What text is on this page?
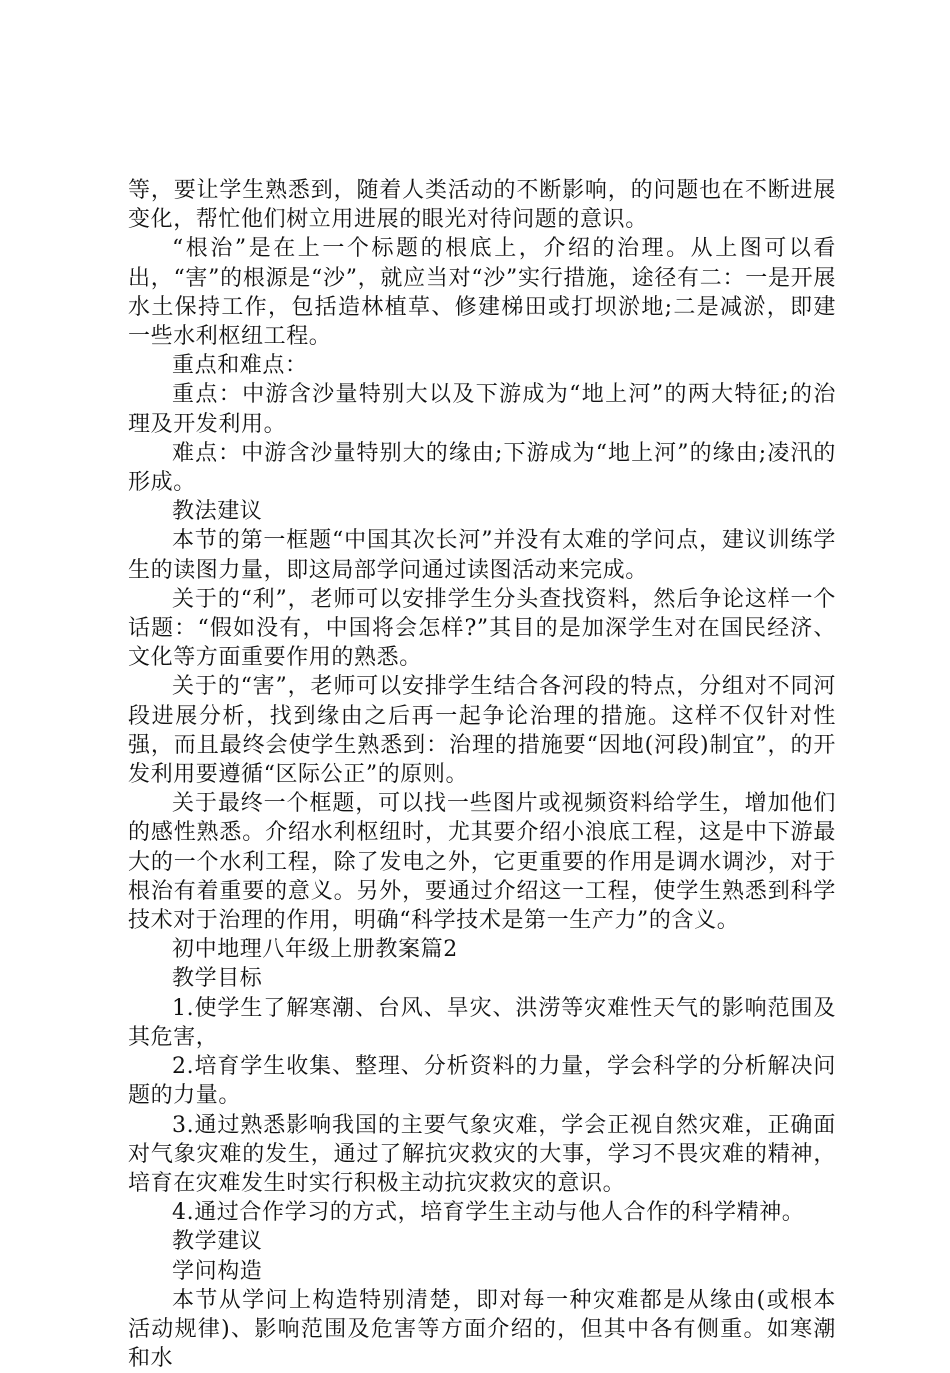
等，要让学生熟悉到，随着人类活动的不断影响，的问题也在不断进展变化，帮忙他们树立用进展的眼光对待问题的意识。

“根治”是在上一个标题的根底上，介绍的治理。从上图可以看出，“害”的根源是“沙”，就应当对“沙”实行措施，途径有二：一是开展水土保持工作，包括造林植草、修建梯田或打坝淤地;二是减淤，即建一些水利枢纽工程。

重点和难点：

重点：中游含沙量特别大以及下游成为“地上河”的两大特征;的治理及开发利用。

难点：中游含沙量特别大的缘由;下游成为“地上河”的缘由;凌汛的形成。

教法建议

本节的第一框题“中国其次长河”并没有太难的学问点，建议训练学生的读图力量，即这局部学问通过读图活动来完成。

关于的“利”，老师可以安排学生分头查找资料，然后争论这样一个话题：“假如没有，中国将会怎样?”其目的是加深学生对在国民经济、文化等方面重要作用的熟悉。

关于的“害”，老师可以安排学生结合各河段的特点，分组对不同河段进展分析，找到缘由之后再一起争论治理的措施。这样不仅针对性强，而且最终会使学生熟悉到：治理的措施要“因地(河段)制宜”，的开发利用要遵循“区际公正”的原则。

关于最终一个框题，可以找一些图片或视频资料给学生，增加他们的感性熟悉。介绍水利枢纽时，尤其要介绍小浪底工程，这是中下游最大的一个水利工程，除了发电之外，它更重要的作用是调水调沙，对于根治有着重要的意义。另外，要通过介绍这一工程，使学生熟悉到科学技术对于治理的作用，明确“科学技术是第一生产力”的含义。

初中地理八年级上册教案篇2

教学目标

1.使学生了解寒潮、台风、旱灾、洪涝等灾难性天气的影响范围及其危害，

2.培育学生收集、整理、分析资料的力量，学会科学的分析解决问题的力量。

3.通过熟悉影响我国的主要气象灾难，学会正视自然灾难，正确面对气象灾难的发生，通过了解抗灾救灾的大事，学习不畏灾难的精神，培育在灾难发生时实行积极主动抗灾救灾的意识。

4.通过合作学习的方式，培育学生主动与他人合作的科学精神。

教学建议

学问构造

本节从学问上构造特别清楚，即对每一种灾难都是从缘由(或根本活动规律)、影响范围及危害等方面介绍的，但其中各有侧重。如寒潮和水
